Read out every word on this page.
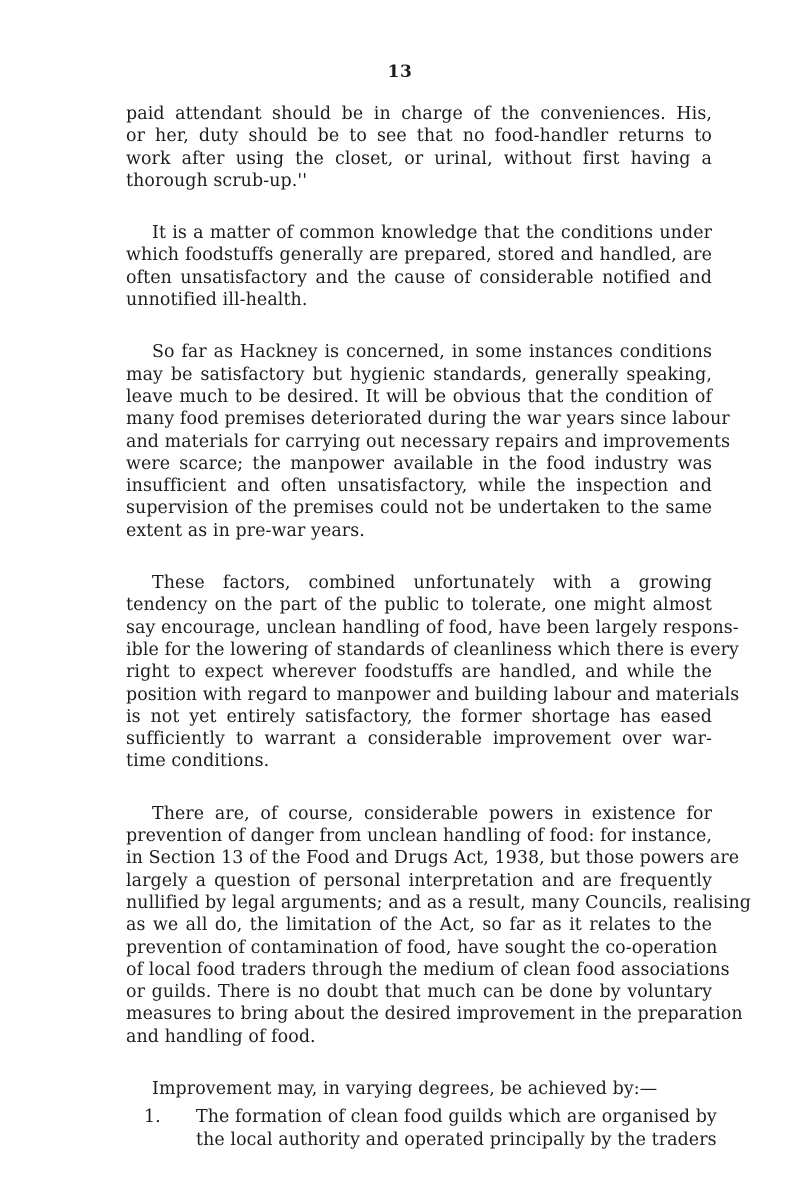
13

paid attendant should be in charge of the conveniences. His,
or her, duty should be to see that no food-handler returns to
work after using the closet, or urinal, without first having a
thorough scrub-up.''

It is a matter of common knowledge that the conditions under
which foodstuffs generally are prepared, stored and handled, are
often unsatisfactory and the cause of considerable notified and
unnotified ill-health.

So far as Hackney is concerned, in some instances conditions
may be satisfactory but hygienic standards, generally speaking,
leave much to be desired. It will be obvious that the condition of
many food premises deteriorated during the war years since labour
and materials for carrying out necessary repairs and improvements
were scarce; the manpower available in the food industry was
insufficient and often unsatisfactory, while the inspection and
supervision of the premises could not be undertaken to the same
extent as in pre-war years.

These factors, combined unfortunately with a growing
tendency on the part of the public to tolerate, one might almost
say encourage, unclean handling of food, have been largely respons-
ible for the lowering of standards of cleanliness which there is every
right to expect wherever foodstuffs are handled, and while the
position with regard to manpower and building labour and materials
is not yet entirely satisfactory, the former shortage has eased
sufficiently to warrant a considerable improvement over war-
time conditions.

There are, of course, considerable powers in existence for
prevention of danger from unclean handling of food: for instance,
in Section 13 of the Food and Drugs Act, 1938, but those powers are
largely a question of personal interpretation and are frequently
nullified by legal arguments; and as a result, many Councils, realising
as we all do, the limitation of the Act, so far as it relates to the
prevention of contamination of food, have sought the co-operation
of local food traders through the medium of clean food associations
or guilds. There is no doubt that much can be done by voluntary
measures to bring about the desired improvement in the preparation
and handling of food.

Improvement may, in varying degrees, be achieved by:—

1.	The formation of clean food guilds which are organised by
the local authority and operated principally by the traders
